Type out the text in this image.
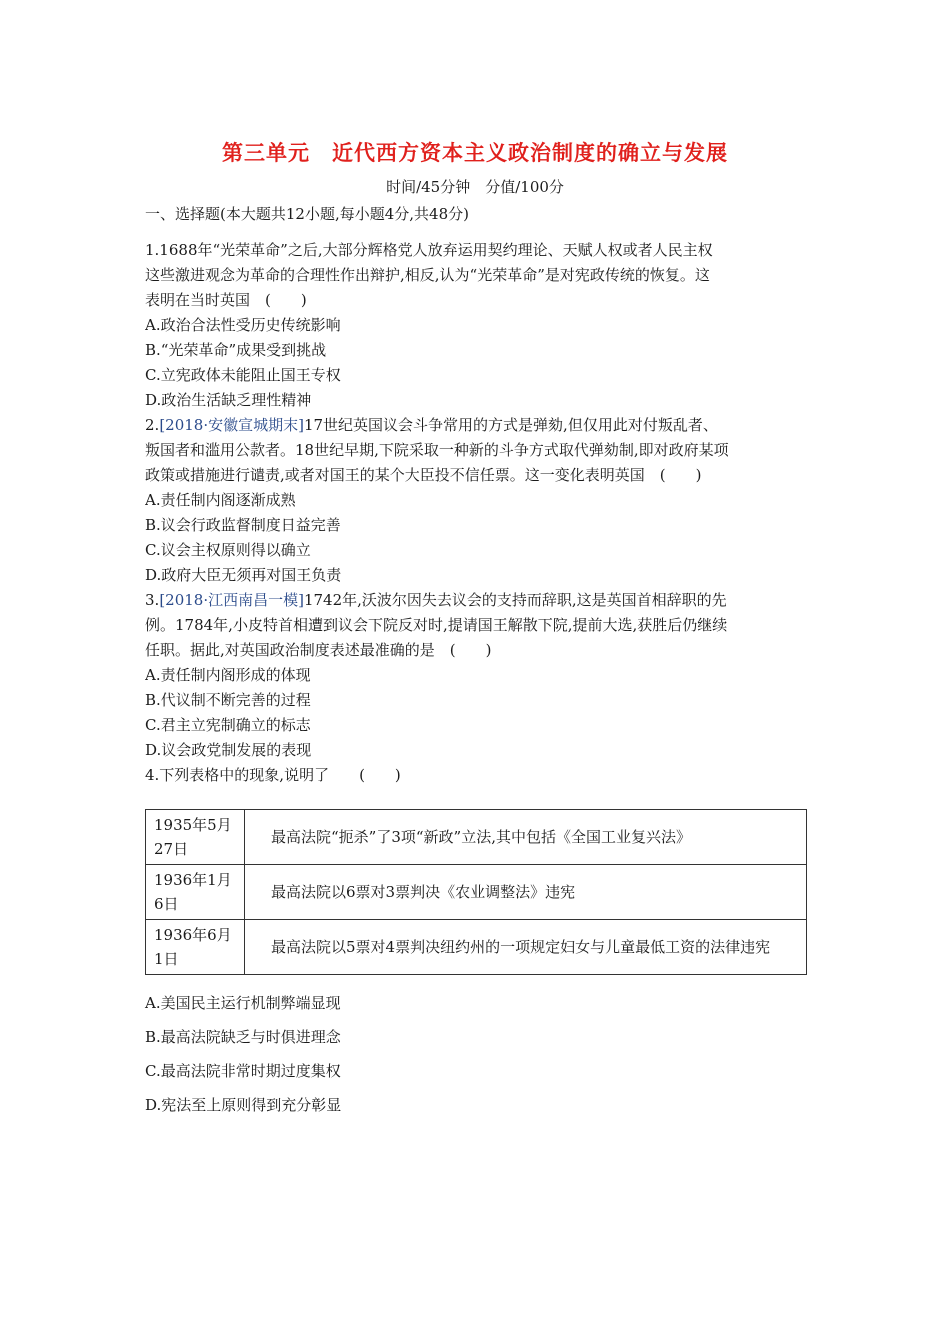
第三单元　近代西方资本主义政治制度的确立与发展
时间/45分钟　分值/100分
一、选择题(本大题共12小题,每小题4分,共48分)
1.1688年“光荣革命”之后,大部分辉格党人放弃运用契约理论、天赋人权或者人民主权
这些激进观念为革命的合理性作出辩护,相反,认为“光荣革命”是对宪政传统的恢复。这
表明在当时英国　(　　)
A.政治合法性受历史传统影响
B.“光荣革命”成果受到挑战
C.立宪政体未能阻止国王专权
D.政治生活缺乏理性精神
2.[2018·安徽宣城期末]17世纪英国议会斗争常用的方式是弹劾,但仅用此对付叛乱者、
叛国者和滥用公款者。18世纪早期,下院采取一种新的斗争方式取代弹劾制,即对政府某项
政策或措施进行谴责,或者对国王的某个大臣投不信任票。这一变化表明英国　(　　)
A.责任制内阁逐渐成熟
B.议会行政监督制度日益完善
C.议会主权原则得以确立
D.政府大臣无须再对国王负责
3.[2018·江西南昌一模]1742年,沃波尔因失去议会的支持而辞职,这是英国首相辞职的先
例。1784年,小皮特首相遭到议会下院反对时,提请国王解散下院,提前大选,获胜后仍继续
任职。据此,对英国政治制度表述最准确的是　(　　)
A.责任制内阁形成的体现
B.代议制不断完善的过程
C.君主立宪制确立的标志
D.议会政党制发展的表现
4.下列表格中的现象,说明了　　(　　)
1935年5月27日	最高法院“扼杀”了3项“新政”立法,其中包括《全国工业复兴法》
1936年1月6日	最高法院以6票对3票判决《农业调整法》违宪
1936年6月1日	最高法院以5票对4票判决纽约州的一项规定妇女与儿童最低工资的法律违宪
A.美国民主运行机制弊端显现
B.最高法院缺乏与时俱进理念
C.最高法院非常时期过度集权
D.宪法至上原则得到充分彰显
